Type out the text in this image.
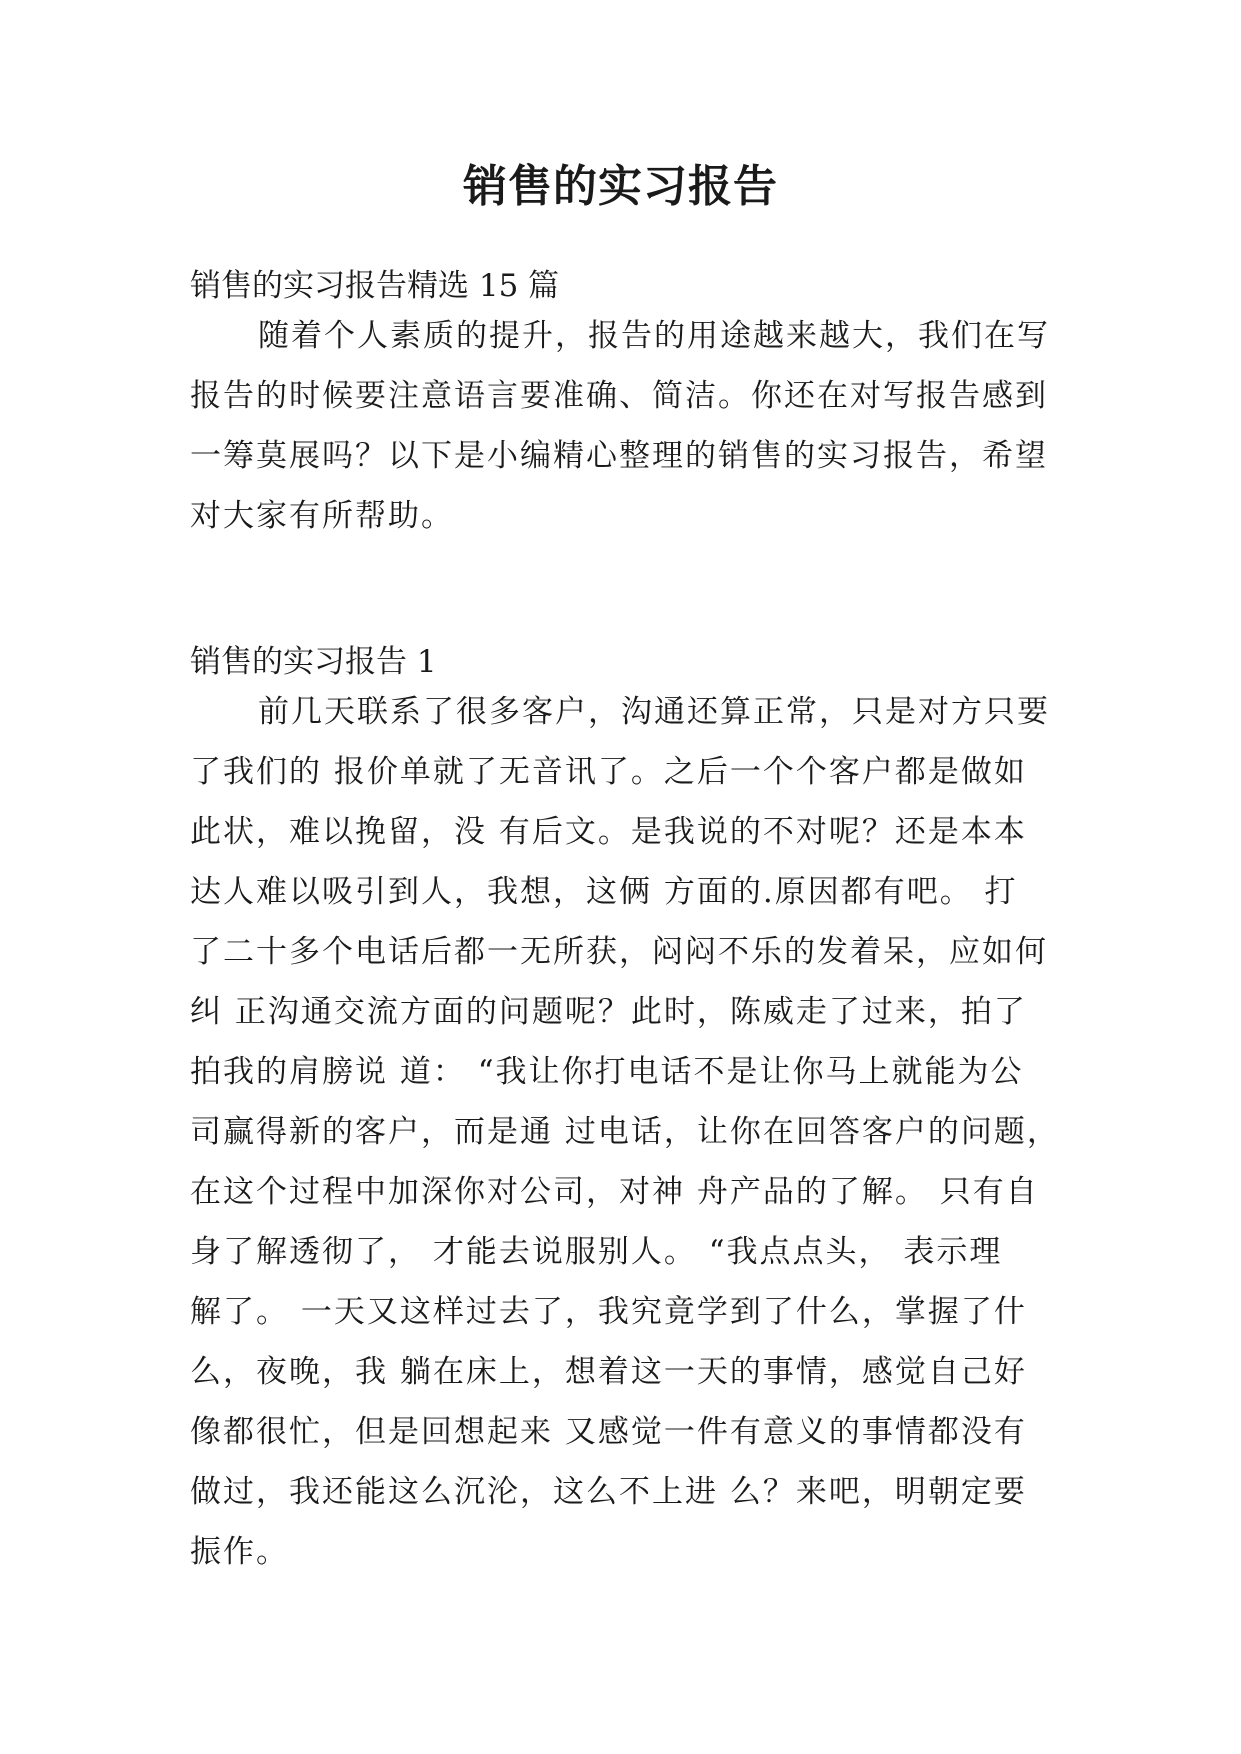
销售的实习报告
销售的实习报告精选 15 篇
随着个人素质的提升，报告的用途越来越大，我们在写
报告的时候要注意语言要准确、简洁。你还在对写报告感到
一筹莫展吗？以下是小编精心整理的销售的实习报告，希望
对大家有所帮助。
销售的实习报告 1
前几天联系了很多客户，沟通还算正常，只是对方只要
了我们的 报价单就了无音讯了。之后一个个客户都是做如
此状，难以挽留，没 有后文。是我说的不对呢？还是本本
达人难以吸引到人，我想，这俩 方面的.原因都有吧。 打
了二十多个电话后都一无所获，闷闷不乐的发着呆，应如何
纠 正沟通交流方面的问题呢？此时，陈威走了过来，拍了
拍我的肩膀说 道： “我让你打电话不是让你马上就能为公
司赢得新的客户，而是通 过电话，让你在回答客户的问题，
在这个过程中加深你对公司，对神 舟产品的了解。 只有自
身了解透彻了， 才能去说服别人。 “我点点头， 表示理
解了。 一天又这样过去了，我究竟学到了什么，掌握了什
么，夜晚，我 躺在床上，想着这一天的事情，感觉自己好
像都很忙，但是回想起来 又感觉一件有意义的事情都没有
做过，我还能这么沉沦，这么不上进 么？来吧，明朝定要
振作。
